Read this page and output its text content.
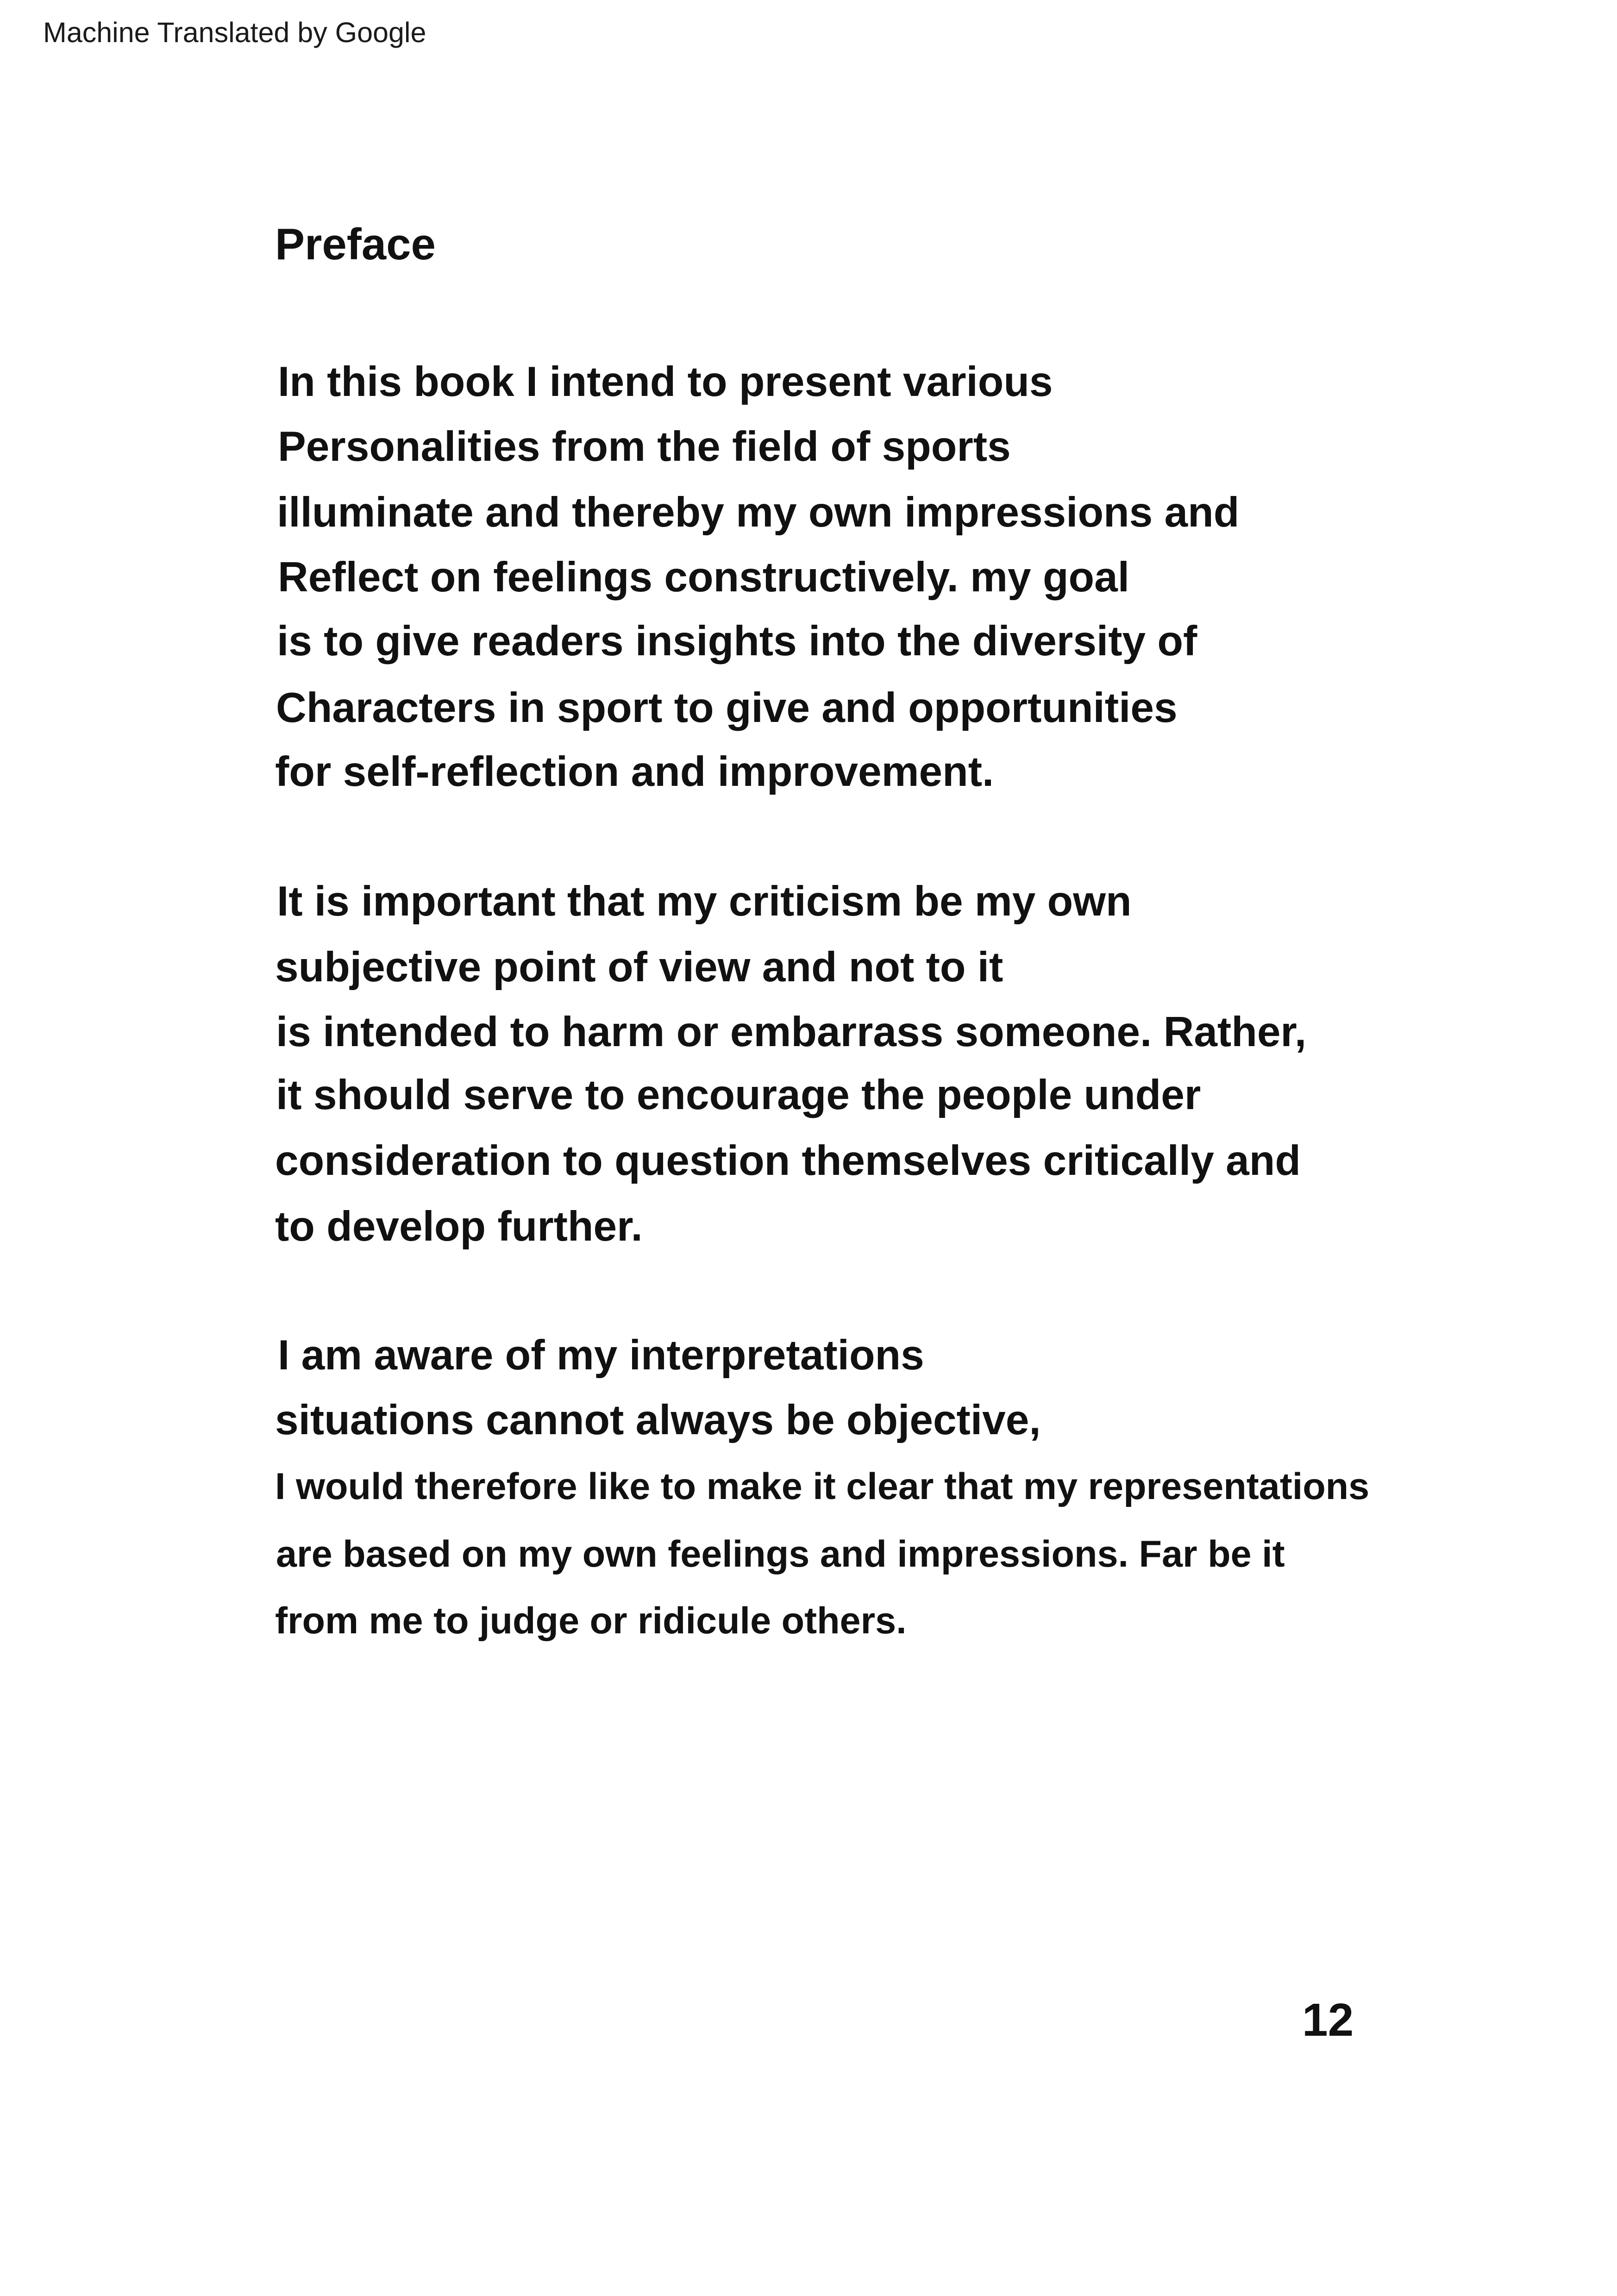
Machine Translated by Google
Preface
In this book I intend to present various
Personalities from the field of sports
illuminate and thereby my own impressions and
Reflect on feelings constructively. my goal
is to give readers insights into the diversity of
Characters in sport to give and opportunities
for self-reflection and improvement.
It is important that my criticism be my own
subjective point of view and not to it
is intended to harm or embarrass someone. Rather,
it should serve to encourage the people under
consideration to question themselves critically and
to develop further.
I am aware of my interpretations
situations cannot always be objective,
I would therefore like to make it clear that my representations
are based on my own feelings and impressions. Far be it
from me to judge or ridicule others.
12
